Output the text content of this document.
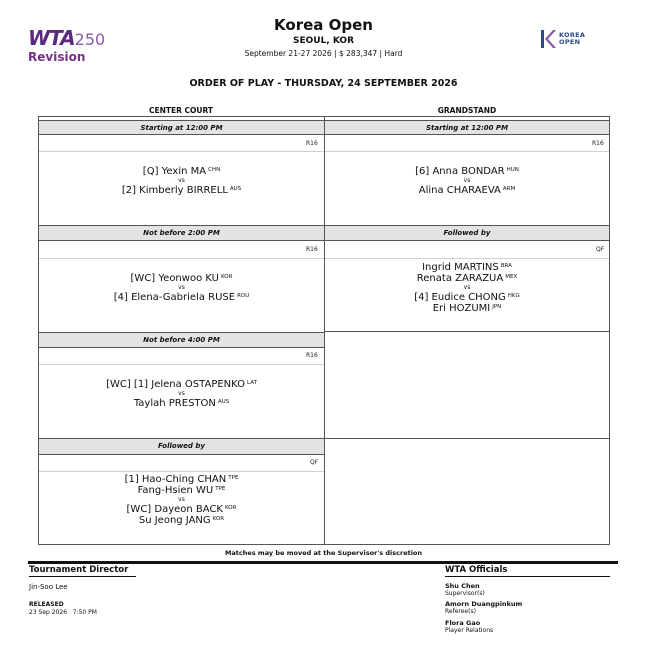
WTA250
Revision
Korea Open
SEOUL, KOR
September 21-27 2026 | $ 283,347 | Hard
KOREA
OPEN
ORDER OF PLAY - THURSDAY, 24 SEPTEMBER 2026
CENTER COURT	GRANDSTAND
Starting at 12:00 PM
R16
[Q] Yexin MA $^{CHN}$
vs
[2] Kimberly BIRRELL $^{AUS}$
Starting at 12:00 PM
R16
[6] Anna BONDAR $^{HUN}$
vs
Alina CHARAEVA $^{ARM}$
Not before 2:00 PM
R16
[WC] Yeonwoo KU $^{KOR}$
vs
[4] Elena-Gabriela RUSE $^{ROU}$
Followed by
QF
Ingrid MARTINS $^{BRA}$
Renata ZARAZUA $^{MEX}$
vs
[4] Eudice CHONG $^{HKG}$
Eri HOZUMI $^{JPN}$
Not before 4:00 PM
R16
[WC] [1] Jelena OSTAPENKO $^{LAT}$
vs
Taylah PRESTON $^{AUS}$
Followed by
QF
[1] Hao-Ching CHAN $^{TPE}$
Fang-Hsien WU $^{TPE}$
vs
[WC] Dayeon BACK $^{KOR}$
Su Jeong JANG $^{KOR}$
Matches may be moved at the Supervisor's discretion
Tournament Director
Jin-Soo Lee
RELEASED
23 Sep 2026   7:50 PM
WTA Officials
Shu Chen
Supervisor(s)
Amorn Duangpinkum
Referee(s)
Flora Gao
Player Relations
